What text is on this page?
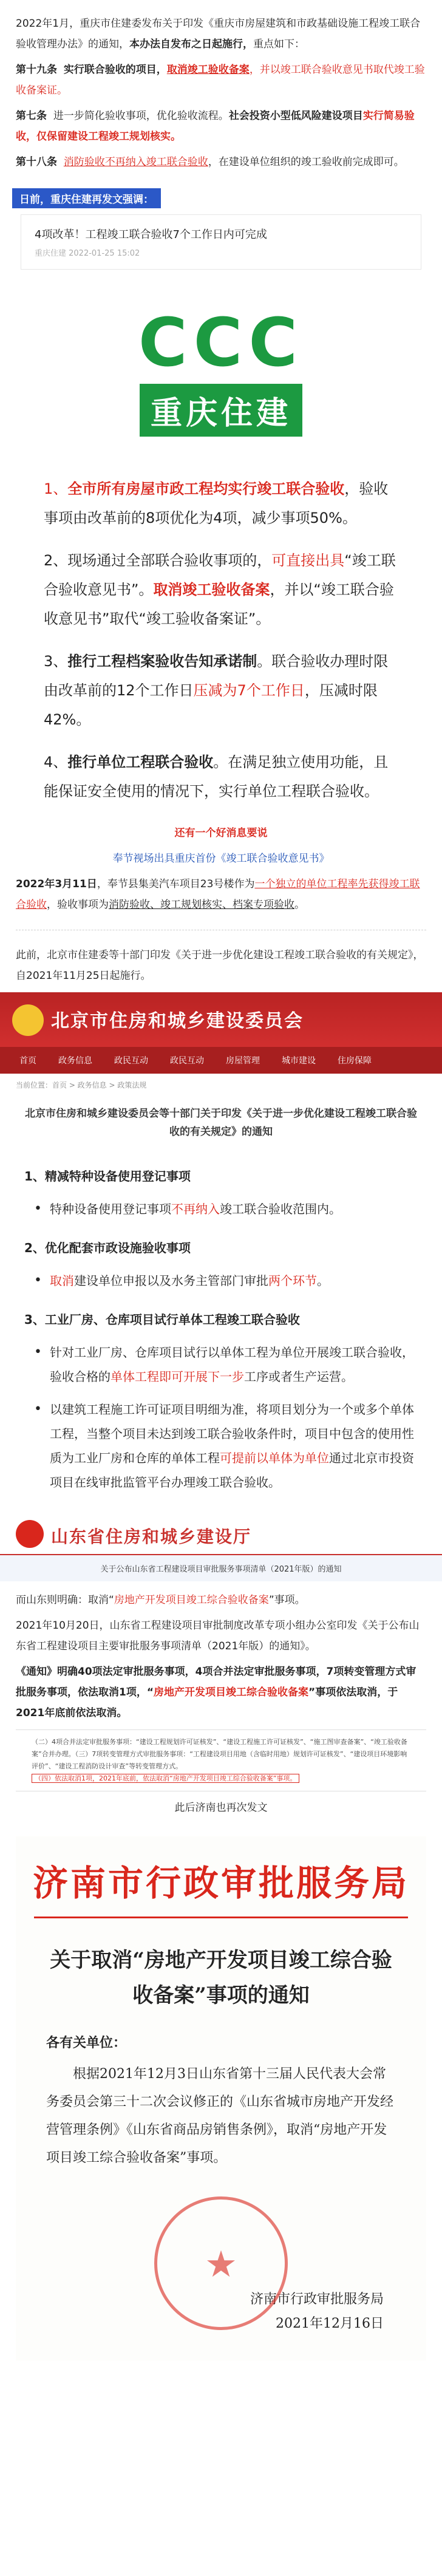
2022年1月，重庆市住建委发布关于印发《重庆市房屋建筑和市政基础设施工程竣工联合验收管理办法》的通知，本办法自发布之日起施行，重点如下：

第十九条 实行联合验收的项目，取消竣工验收备案，并以竣工联合验收意见书取代竣工验收备案证。

第七条 进一步简化验收事项，优化验收流程。社会投资小型低风险建设项目实行简易验收，仅保留建设工程竣工规划核实。

第十八条 消防验收不再纳入竣工联合验收，在建设单位组织的竣工验收前完成即可。

日前，重庆住建再发文强调：
4项改革！工程竣工联合验收7个工作日内可完成
重庆住建 2022-01-25 15:02
CCC
重庆住建

1、全市所有房屋市政工程均实行竣工联合验收，验收事项由改革前的8项优化为4项，减少事项50%。

2、现场通过全部联合验收事项的，可直接出具“竣工联合验收意见书”。取消竣工验收备案，并以“竣工联合验收意见书”取代“竣工验收备案证”。

3、推行工程档案验收告知承诺制。联合验收办理时限由改革前的12个工作日压减为7个工作日，压减时限42%。

4、推行单位工程联合验收。在满足独立使用功能，且能保证安全使用的情况下，实行单位工程联合验收。

还有一个好消息要说

奉节视场出具重庆首份《竣工联合验收意见书》

2022年3月11日，奉节县集美汽车项目23号楼作为一个独立的单位工程率先获得竣工联合验收，验收事项为消防验收、竣工规划核实、档案专项验收。

此前，北京市住建委等十部门印发《关于进一步优化建设工程竣工联合验收的有关规定》，自2021年11月25日起施行。

北京市住房和城乡建设委员会
首页	政务信息	政民互动	政民互动	房屋管理	城市建设	住房保障
当前位置：首页 > 政务信息 > 政策法规
北京市住房和城乡建设委员会等十部门关于印发《关于进一步优化建设工程竣工联合验收的有关规定》的通知
1、精减特种设备使用登记事项
• 特种设备使用登记事项不再纳入竣工联合验收范围内。
2、优化配套市政设施验收事项
• 取消建设单位申报以及水务主管部门审批两个环节。
3、工业厂房、仓库项目试行单体工程竣工联合验收
• 针对工业厂房、仓库项目试行以单体工程为单位开展竣工联合验收，验收合格的单体工程即可开展下一步工序或者生产运营。
• 以建筑工程施工许可证项目明细为准，将项目划分为一个或多个单体工程，当整个项目未达到竣工联合验收条件时，项目中包含的使用性质为工业厂房和仓库的单体工程可提前以单体为单位通过北京市投资项目在线审批监管平台办理竣工联合验收。
山东省住房和城乡建设厅
关于公布山东省工程建设项目审批服务事项清单（2021年版）的通知

而山东则明确：取消“房地产开发项目竣工综合验收备案”事项。

2021年10月20日，山东省工程建设项目审批制度改革专项小组办公室印发《关于公布山东省工程建设项目主要审批服务事项清单（2021年版）的通知》。

《通知》明确40项法定审批服务事项，4项合并法定审批服务事项，7项转变管理方式审批服务事项，依法取消1项，“房地产开发项目竣工综合验收备案”事项依法取消，于2021年底前依法取消。

（二）4项合并法定审批服务事项：“建设工程规划许可证核发”、“建设工程施工许可证核发”、“施工图审查备案”、“竣工验收备案”合并办理。（三）7项转变管理方式审批服务事项：“工程建设项目用地（含临时用地）规划许可证核发”、“建设项目环境影响评价”、“建设工程消防设计审查”等转变管理方式。
（四）依法取消1项，2021年底前，依法取消“房地产开发项目竣工综合验收备案”事项。

此后济南也再次发文

济南市行政审批服务局
关于取消“房地产开发项目竣工综合验收备案”事项的通知
各有关单位：
根据2021年12月3日山东省第十三届人民代表大会常务委员会第三十二次会议修正的《山东省城市房地产开发经营管理条例》《山东省商品房销售条例》，取消“房地产开发项目竣工综合验收备案”事项。
★
济南市行政审批服务局
2021年12月16日
